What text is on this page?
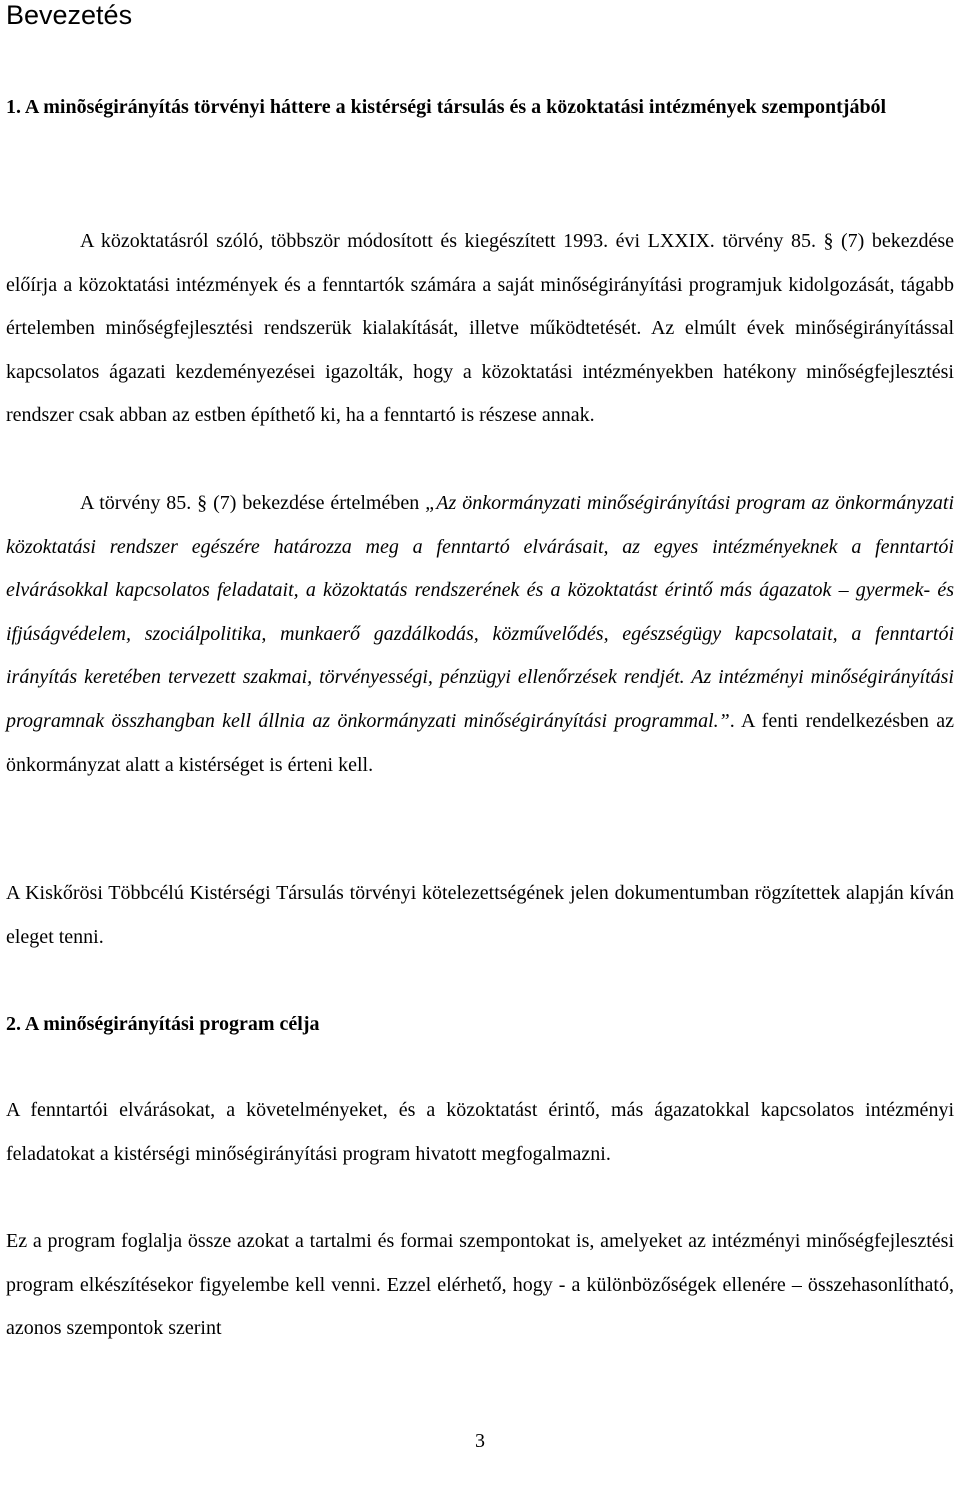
Bevezetés

1. A minõségirányítás törvényi háttere a kistérségi társulás és a közoktatási intézmények szempontjából

A közoktatásról szóló, többször módosított és kiegészített 1993. évi LXXIX. törvény 85. § (7) bekezdése előírja a közoktatási intézmények és a fenntartók számára a saját minőségirányítási programjuk kidolgozását, tágabb értelemben minőségfejlesztési rendszerük kialakítását, illetve működtetését. Az elmúlt évek minőségirányítással kapcsolatos ágazati kezdeményezései igazolták, hogy a közoktatási intézményekben hatékony minőségfejlesztési rendszer csak abban az estben építhető ki, ha a fenntartó is részese annak.

A törvény 85. § (7) bekezdése értelmében „Az önkormányzati minőségirányítási program az önkormányzati közoktatási rendszer egészére határozza meg a fenntartó elvárásait, az egyes intézményeknek a fenntartói elvárásokkal kapcsolatos feladatait, a közoktatás rendszerének és a közoktatást érintő más ágazatok – gyermek- és ifjúságvédelem, szociálpolitika, munkaerő gazdálkodás, közművelődés, egészségügy kapcsolatait, a fenntartói irányítás keretében tervezett szakmai, törvényességi, pénzügyi ellenőrzések rendjét. Az intézményi minőségirányítási programnak összhangban kell állnia az önkormányzati minőségirányítási programmal.”. A fenti rendelkezésben az önkormányzat alatt a kistérséget is érteni kell.

A Kiskőrösi Többcélú Kistérségi Társulás törvényi kötelezettségének jelen dokumentumban rögzítettek alapján kíván eleget tenni.

2. A minőségirányítási program célja

A fenntartói elvárásokat, a követelményeket, és a közoktatást érintő, más ágazatokkal kapcsolatos intézményi feladatokat a kistérségi minőségirányítási program hivatott megfogalmazni.

Ez a program foglalja össze azokat a tartalmi és formai szempontokat is, amelyeket az intézményi minőségfejlesztési program elkészítésekor figyelembe kell venni. Ezzel elérhető, hogy - a különbözőségek ellenére – összehasonlítható, azonos szempontok szerint

3
